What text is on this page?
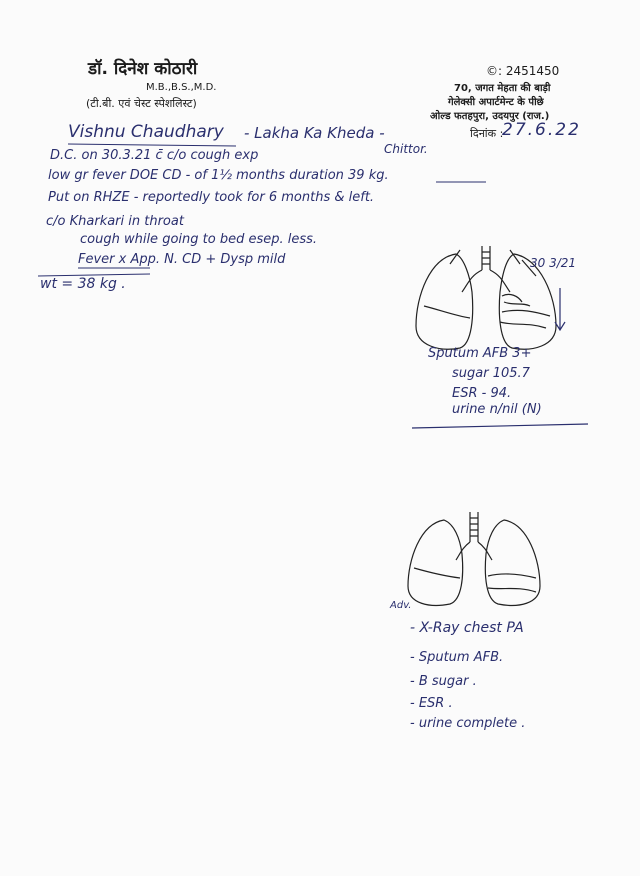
डॉ. दिनेश कोठारी
M.B.,B.S.,M.D.
(टी.बी. एवं चेस्ट स्पेशलिस्ट)
©: 2451450
70, जगत मेहता की बाड़ी
गेलेक्सी अपार्टमेन्ट के पीछे
ओल्ड फतहपुरा, उदयपुर (राज.)
दिनांक :
27.6.22
Vishnu Chaudhary - Lakha Ka Kheda -
Chittor.
D.C. on 30.3.21 c̄ c/o cough exp
low gr fever DOE CD - of 1½ months duration 39 kg.
Put on RHZE - reportedly took for 6 months & left.
c/o Kharkari in throat
cough while going to bed esep. less.
Fever x App. N. CD + Dysp mild
wt = 38 kg .
30 3/21
Sputum AFB 3+
sugar 105.7
ESR - 94.
urine n/nil (N)
Adv.
- X-Ray chest PA
- Sputum AFB.
- B sugar .
- ESR .
- urine complete .
